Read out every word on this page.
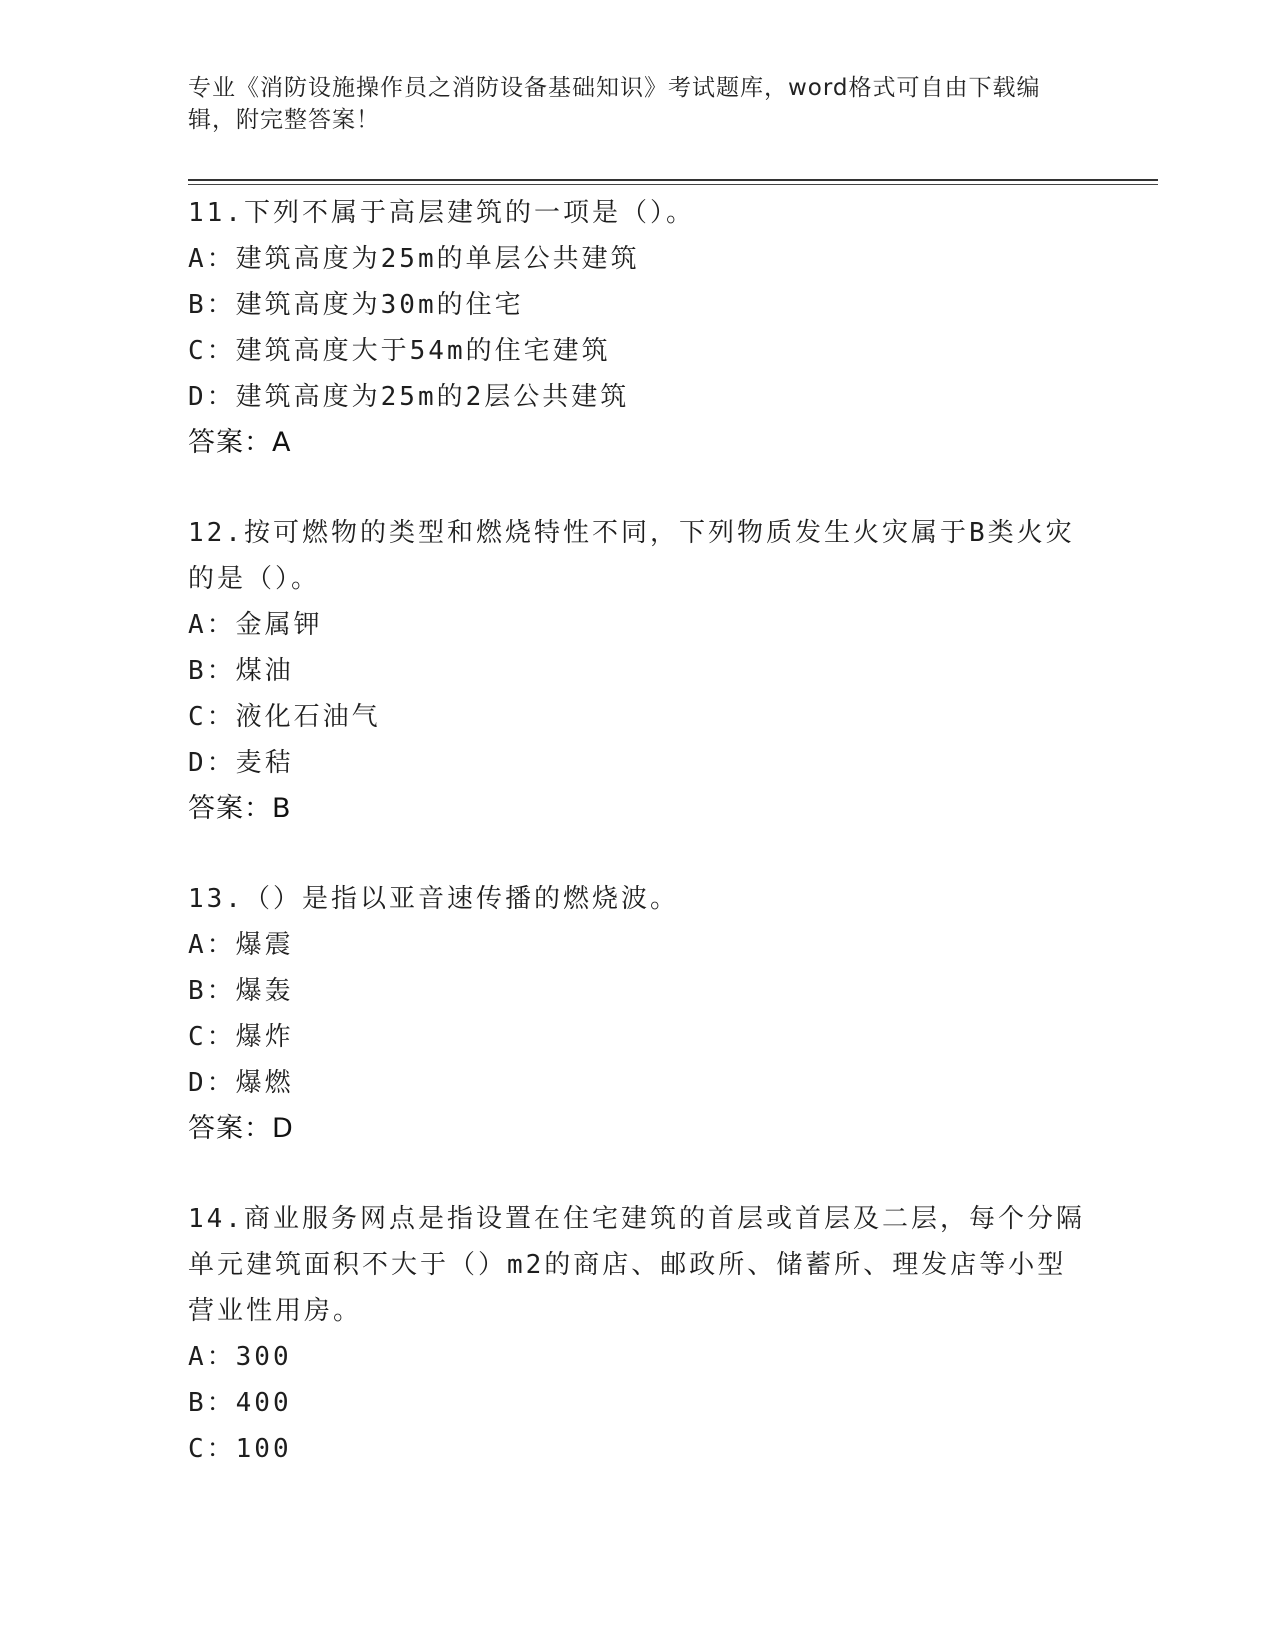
专业《消防设施操作员之消防设备基础知识》考试题库，word格式可自由下载编辑，附完整答案！
11.下列不属于高层建筑的一项是（）。
A：建筑高度为25m的单层公共建筑
B：建筑高度为30m的住宅
C：建筑高度大于54m的住宅建筑
D：建筑高度为25m的2层公共建筑
答案：A
12.按可燃物的类型和燃烧特性不同，下列物质发生火灾属于B类火灾的是（）。
A：金属钾
B：煤油
C：液化石油气
D：麦秸
答案：B
13.（）是指以亚音速传播的燃烧波。
A：爆震
B：爆轰
C：爆炸
D：爆燃
答案：D
14.商业服务网点是指设置在住宅建筑的首层或首层及二层，每个分隔单元建筑面积不大于（）m2的商店、邮政所、储蓄所、理发店等小型营业性用房。
A：300
B：400
C：100
